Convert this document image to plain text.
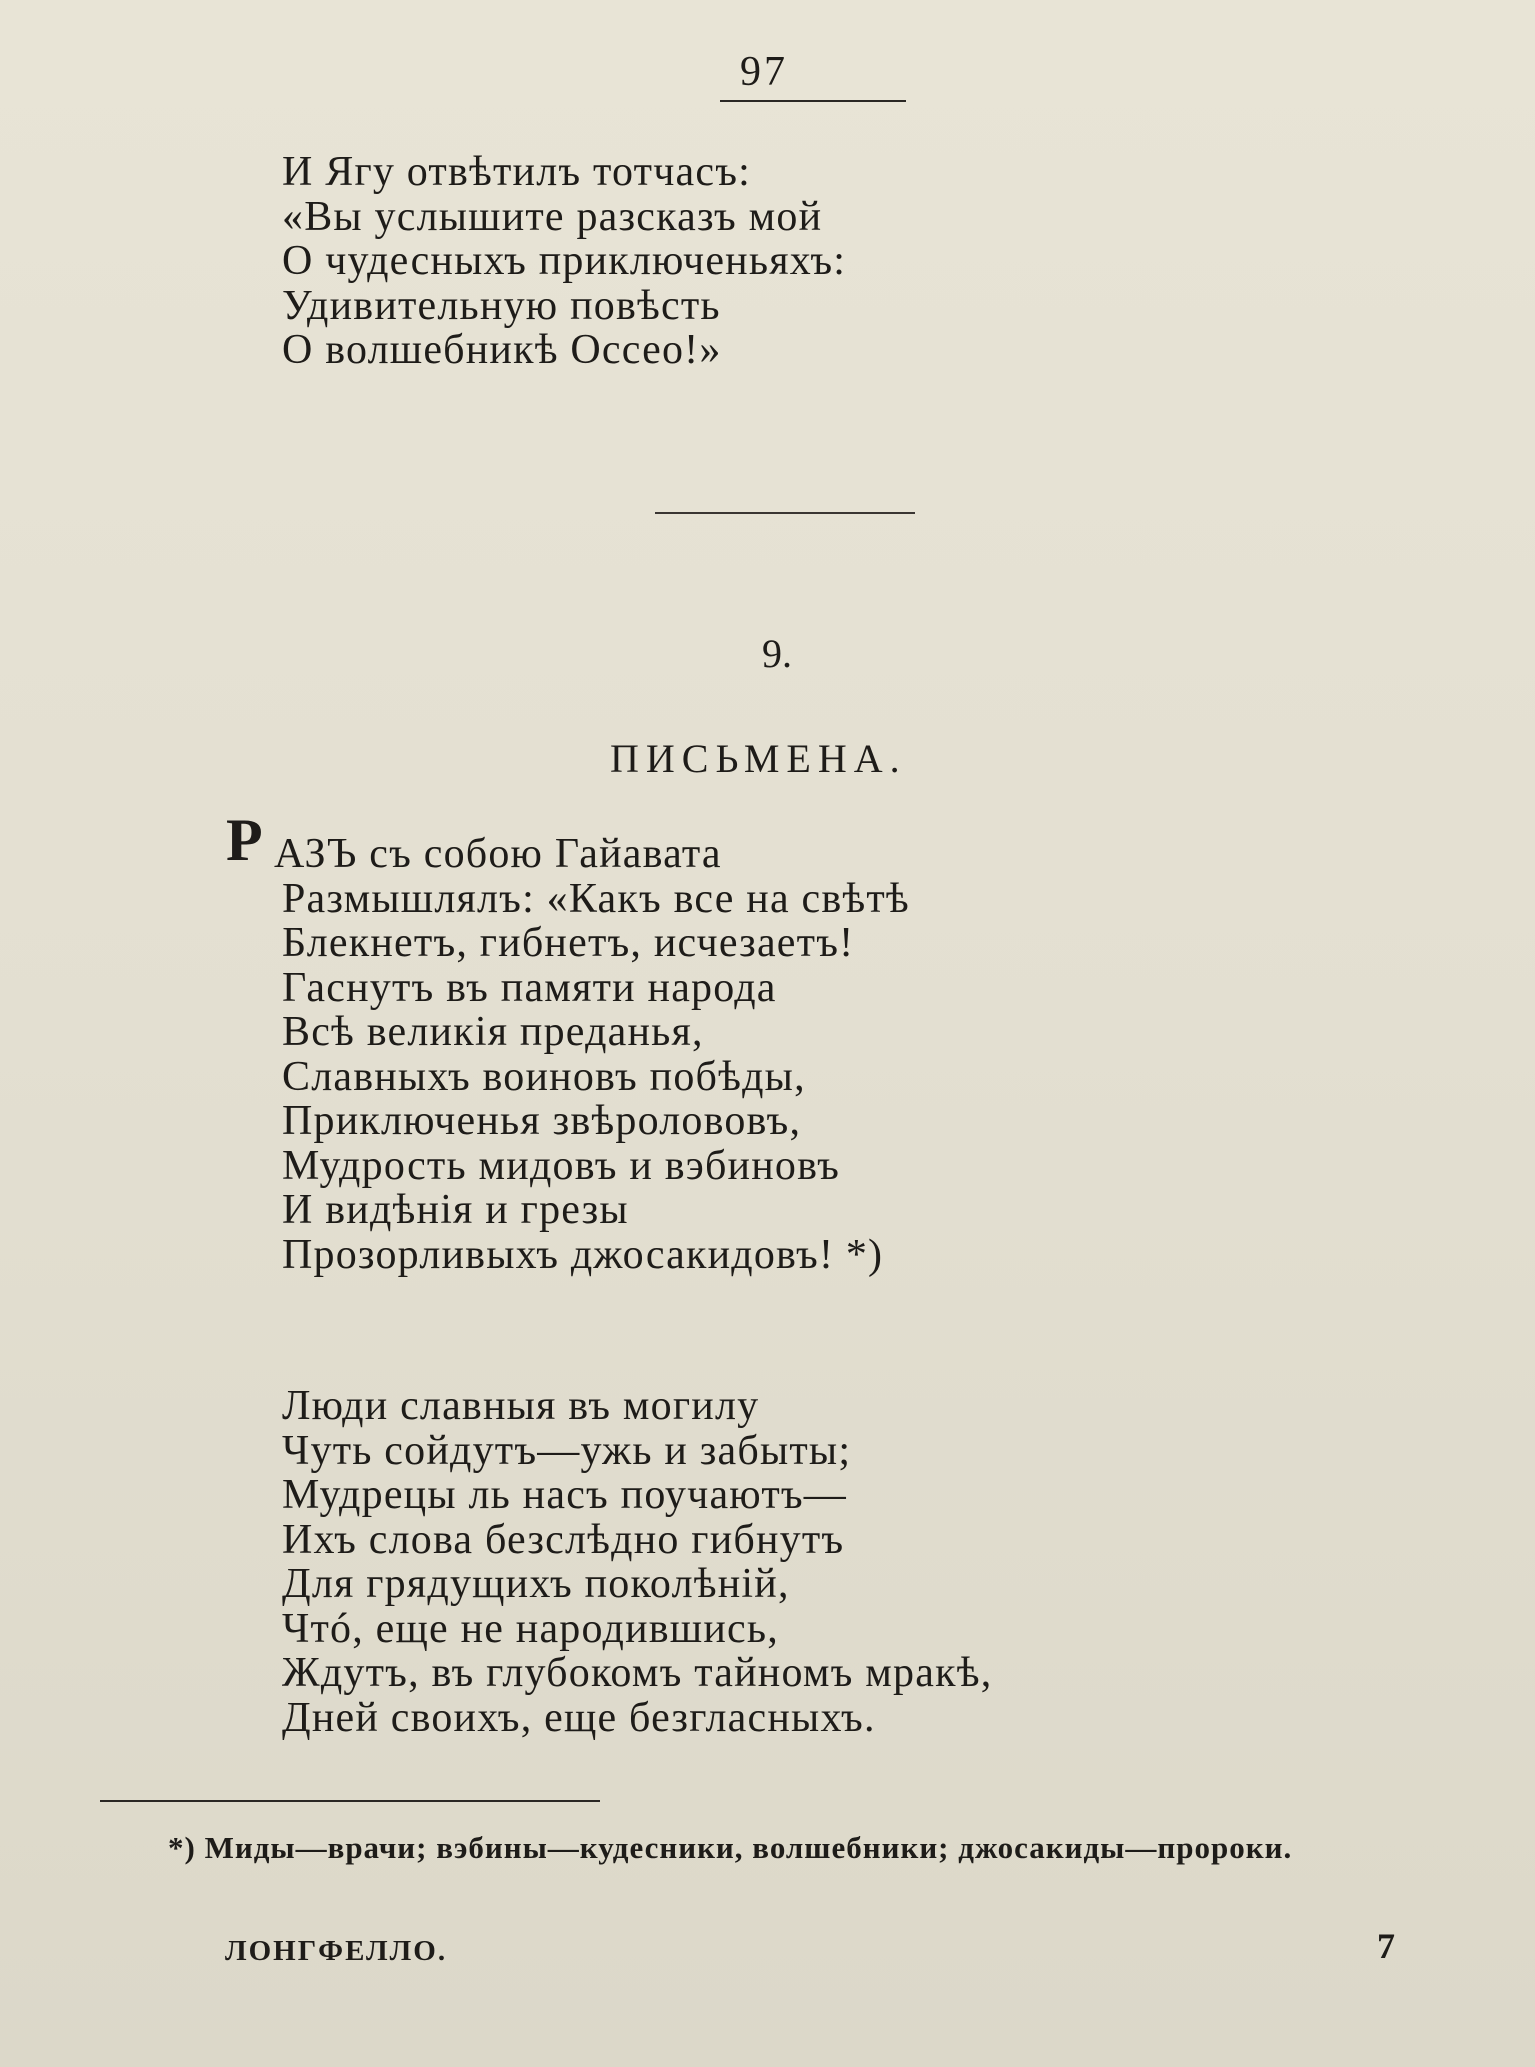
97
И Ягу отвѣтилъ тотчасъ:
«Вы услышите разсказъ мой
О чудесныхъ приключеньяхъ:
Удивительную повѣсть
О волшебникѣ Оссео!»
9.
ПИСЬМЕНА.
Р АЗЪ съ собою Гайавата
Размышлялъ: «Какъ все на свѣтѣ
Блекнетъ, гибнетъ, исчезаетъ!
Гаснутъ въ памяти народа
Всѣ великія преданья,
Славныхъ воиновъ побѣды,
Приключенья звѣролововъ,
Мудрость мидовъ и вэбиновъ
И видѣнія и грезы
Прозорливыхъ джосакидовъ! *)
Люди славныя въ могилу
Чуть сойдутъ—ужь и забыты;
Мудрецы ль насъ поучаютъ—
Ихъ слова безслѣдно гибнутъ
Для грядущихъ поколѣній,
Чтó, еще не народившись,
Ждутъ, въ глубокомъ тайномъ мракѣ,
Дней своихъ, еще безгласныхъ.

*) Миды—врачи; вэбины—кудесники, волшебники; джосакиды—пророки.

ЛОНГФЕЛЛО.	7
